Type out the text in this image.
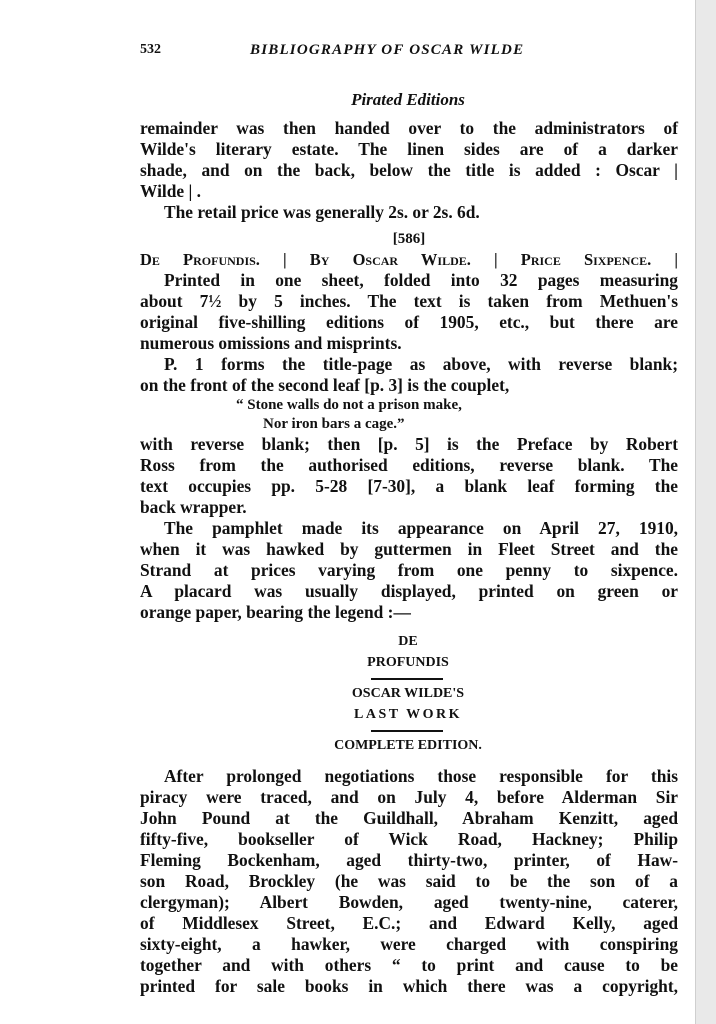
532	BIBLIOGRAPHY OF OSCAR WILDE
Pirated Editions
remainder was then handed over to the administrators of
Wilde's literary estate. The linen sides are of a darker
shade, and on the back, below the title is added : Oscar |
Wilde | .
The retail price was generally 2s. or 2s. 6d.
[586]
De Profundis. | By Oscar Wilde. | Price Sixpence. |
Printed in one sheet, folded into 32 pages measuring
about 7½ by 5 inches. The text is taken from Methuen's
original five-shilling editions of 1905, etc., but there are
numerous omissions and misprints.
P. 1 forms the title-page as above, with reverse blank;
on the front of the second leaf [p. 3] is the couplet,
“ Stone walls do not a prison make,
Nor iron bars a cage.”
with reverse blank; then [p. 5] is the Preface by Robert
Ross from the authorised editions, reverse blank. The
text occupies pp. 5-28 [7-30], a blank leaf forming the
back wrapper.
The pamphlet made its appearance on April 27, 1910,
when it was hawked by guttermen in Fleet Street and the
Strand at prices varying from one penny to sixpence.
A placard was usually displayed, printed on green or
orange paper, bearing the legend :—
DE
PROFUNDIS
OSCAR WILDE'S
LAST WORK
COMPLETE EDITION.
After prolonged negotiations those responsible for this
piracy were traced, and on July 4, before Alderman Sir
John Pound at the Guildhall, Abraham Kenzitt, aged
fifty-five, bookseller of Wick Road, Hackney; Philip
Fleming Bockenham, aged thirty-two, printer, of Haw-
son Road, Brockley (he was said to be the son of a
clergyman); Albert Bowden, aged twenty-nine, caterer,
of Middlesex Street, E.C.; and Edward Kelly, aged
sixty-eight, a hawker, were charged with conspiring
together and with others “ to print and cause to be
printed for sale books in which there was a copyright,
